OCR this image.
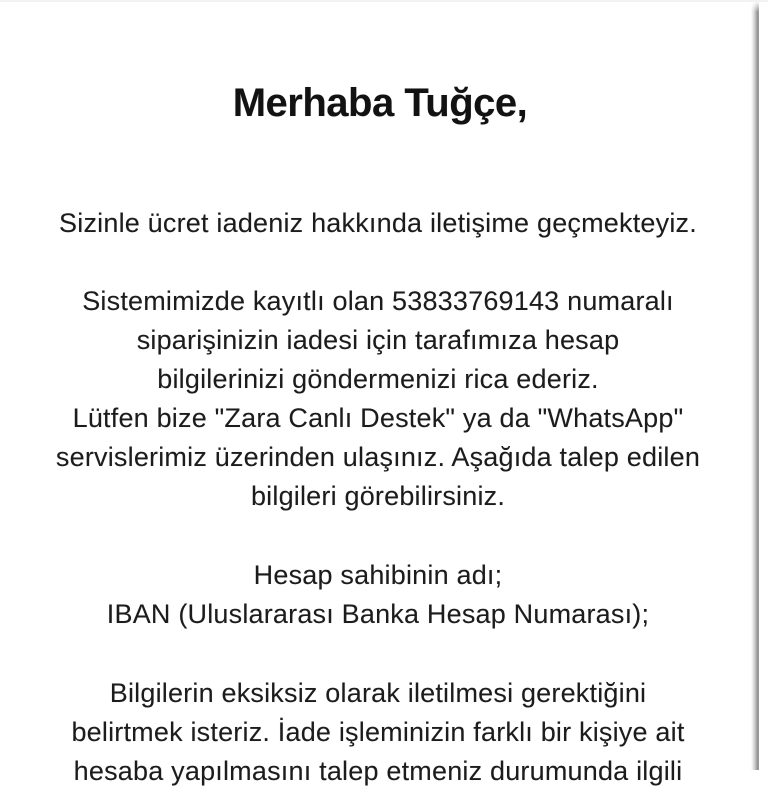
Merhaba Tuğçe,
Sizinle ücret iadeniz hakkında iletişime geçmekteyiz.
Sistemimizde kayıtlı olan 53833769143 numaralı
siparişinizin iadesi için tarafımıza hesap
bilgilerinizi göndermenizi rica ederiz.
Lütfen bize "Zara Canlı Destek" ya da "WhatsApp"
servislerimiz üzerinden ulaşınız. Aşağıda talep edilen
bilgileri görebilirsiniz.
Hesap sahibinin adı;
IBAN (Uluslararası Banka Hesap Numarası);
Bilgilerin eksiksiz olarak iletilmesi gerektiğini
belirtmek isteriz. İade işleminizin farklı bir kişiye ait
hesaba yapılmasını talep etmeniz durumunda ilgili
